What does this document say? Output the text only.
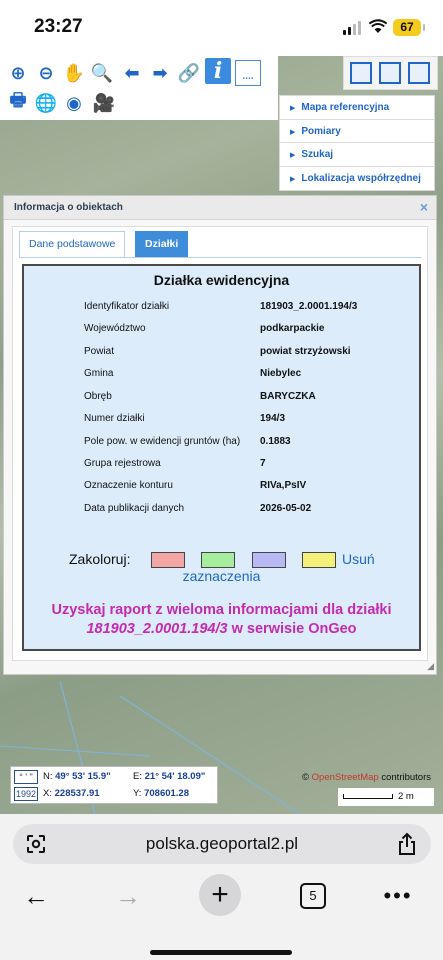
23:27	67
⊕ ⊖ ✋ 🔍 ⬅ ➡ 🔗 i	....
🖶 🌐 ◉ 🎥	▶ Mapa referencyjna
▶ Pomiary
▶ Szukaj
▶ Lokalizacja współrzędnej
Informacja o obiektach	×
Dane podstawowe	Działki
Działka ewidencyjna
Identyfikator działki	181903_2.0001.194/3
Województwo	podkarpackie
Powiat	powiat strzyżowski
Gmina	Niebylec
Obręb	BARYCZKA
Numer działki	194/3
Pole pow. w ewidencji gruntów (ha) 0.1883
Grupa rejestrowa	7
Oznaczenie konturu	RIVa,PsIV
Data publikacji danych	2026-05-02
Zakoloruj:	Usuń
zaznaczenia
Uzyskaj raport z wieloma informacjami dla działki
181903_2.0001.194/3 w serwisie OnGeo
◢
° ' "
1992
N: 49° 53' 15.9" E: 21° 54' 18.09"
X: 228537.91	Y: 708601.28
© OpenStreetMap contributors
2 m
polska.geoportal2.pl
←	→	+	5	•••
